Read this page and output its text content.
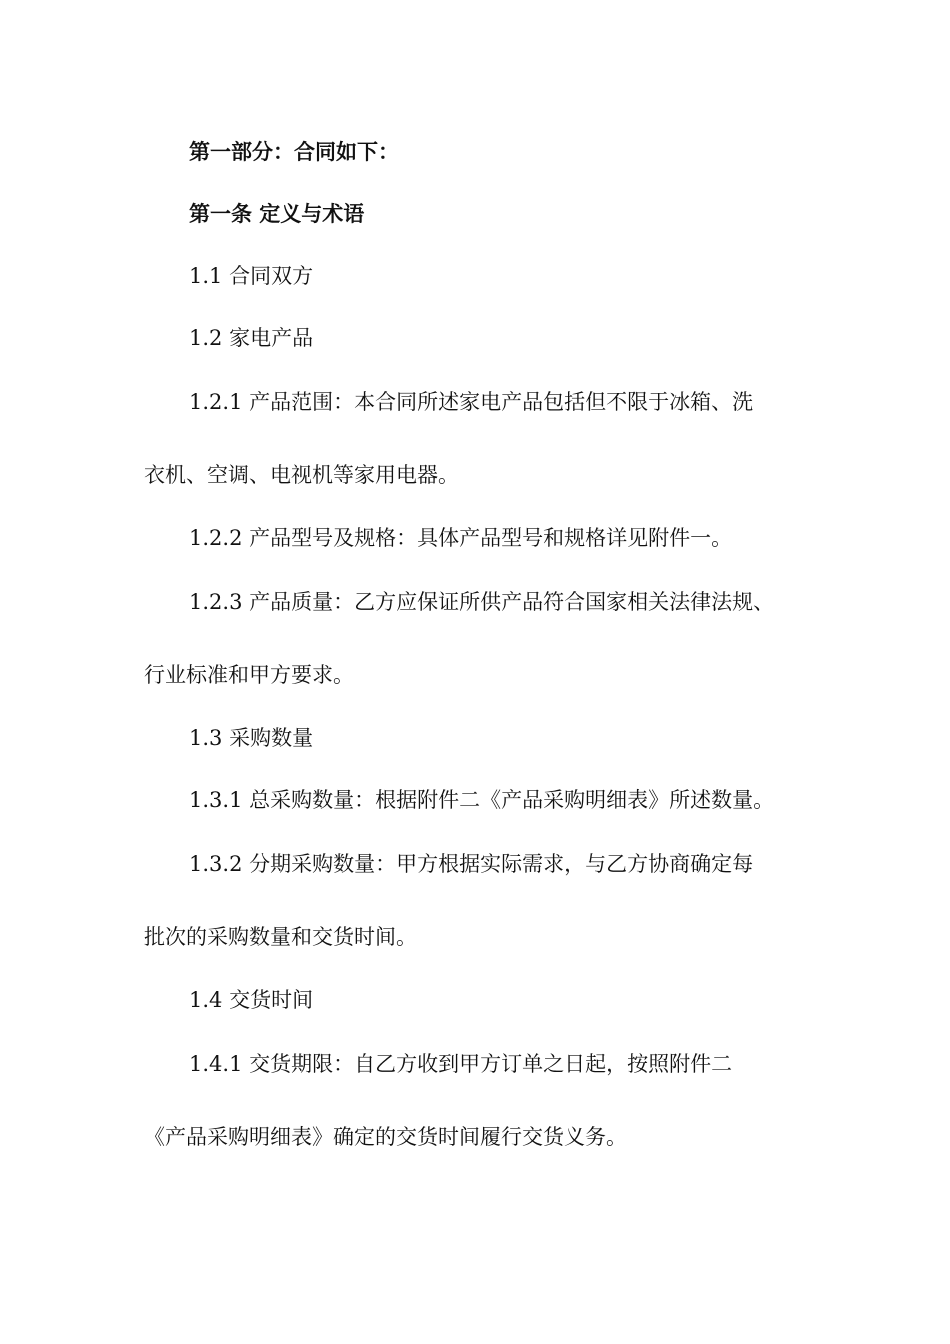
第一部分：合同如下：
第一条 定义与术语
1.1 合同双方
1.2 家电产品
1.2.1 产品范围：本合同所述家电产品包括但不限于冰箱、洗
衣机、空调、电视机等家用电器。
1.2.2 产品型号及规格：具体产品型号和规格详见附件一。
1.2.3 产品质量：乙方应保证所供产品符合国家相关法律法规、
行业标准和甲方要求。
1.3 采购数量
1.3.1 总采购数量：根据附件二《产品采购明细表》所述数量。
1.3.2 分期采购数量：甲方根据实际需求，与乙方协商确定每
批次的采购数量和交货时间。
1.4 交货时间
1.4.1 交货期限：自乙方收到甲方订单之日起，按照附件二
《产品采购明细表》确定的交货时间履行交货义务。
